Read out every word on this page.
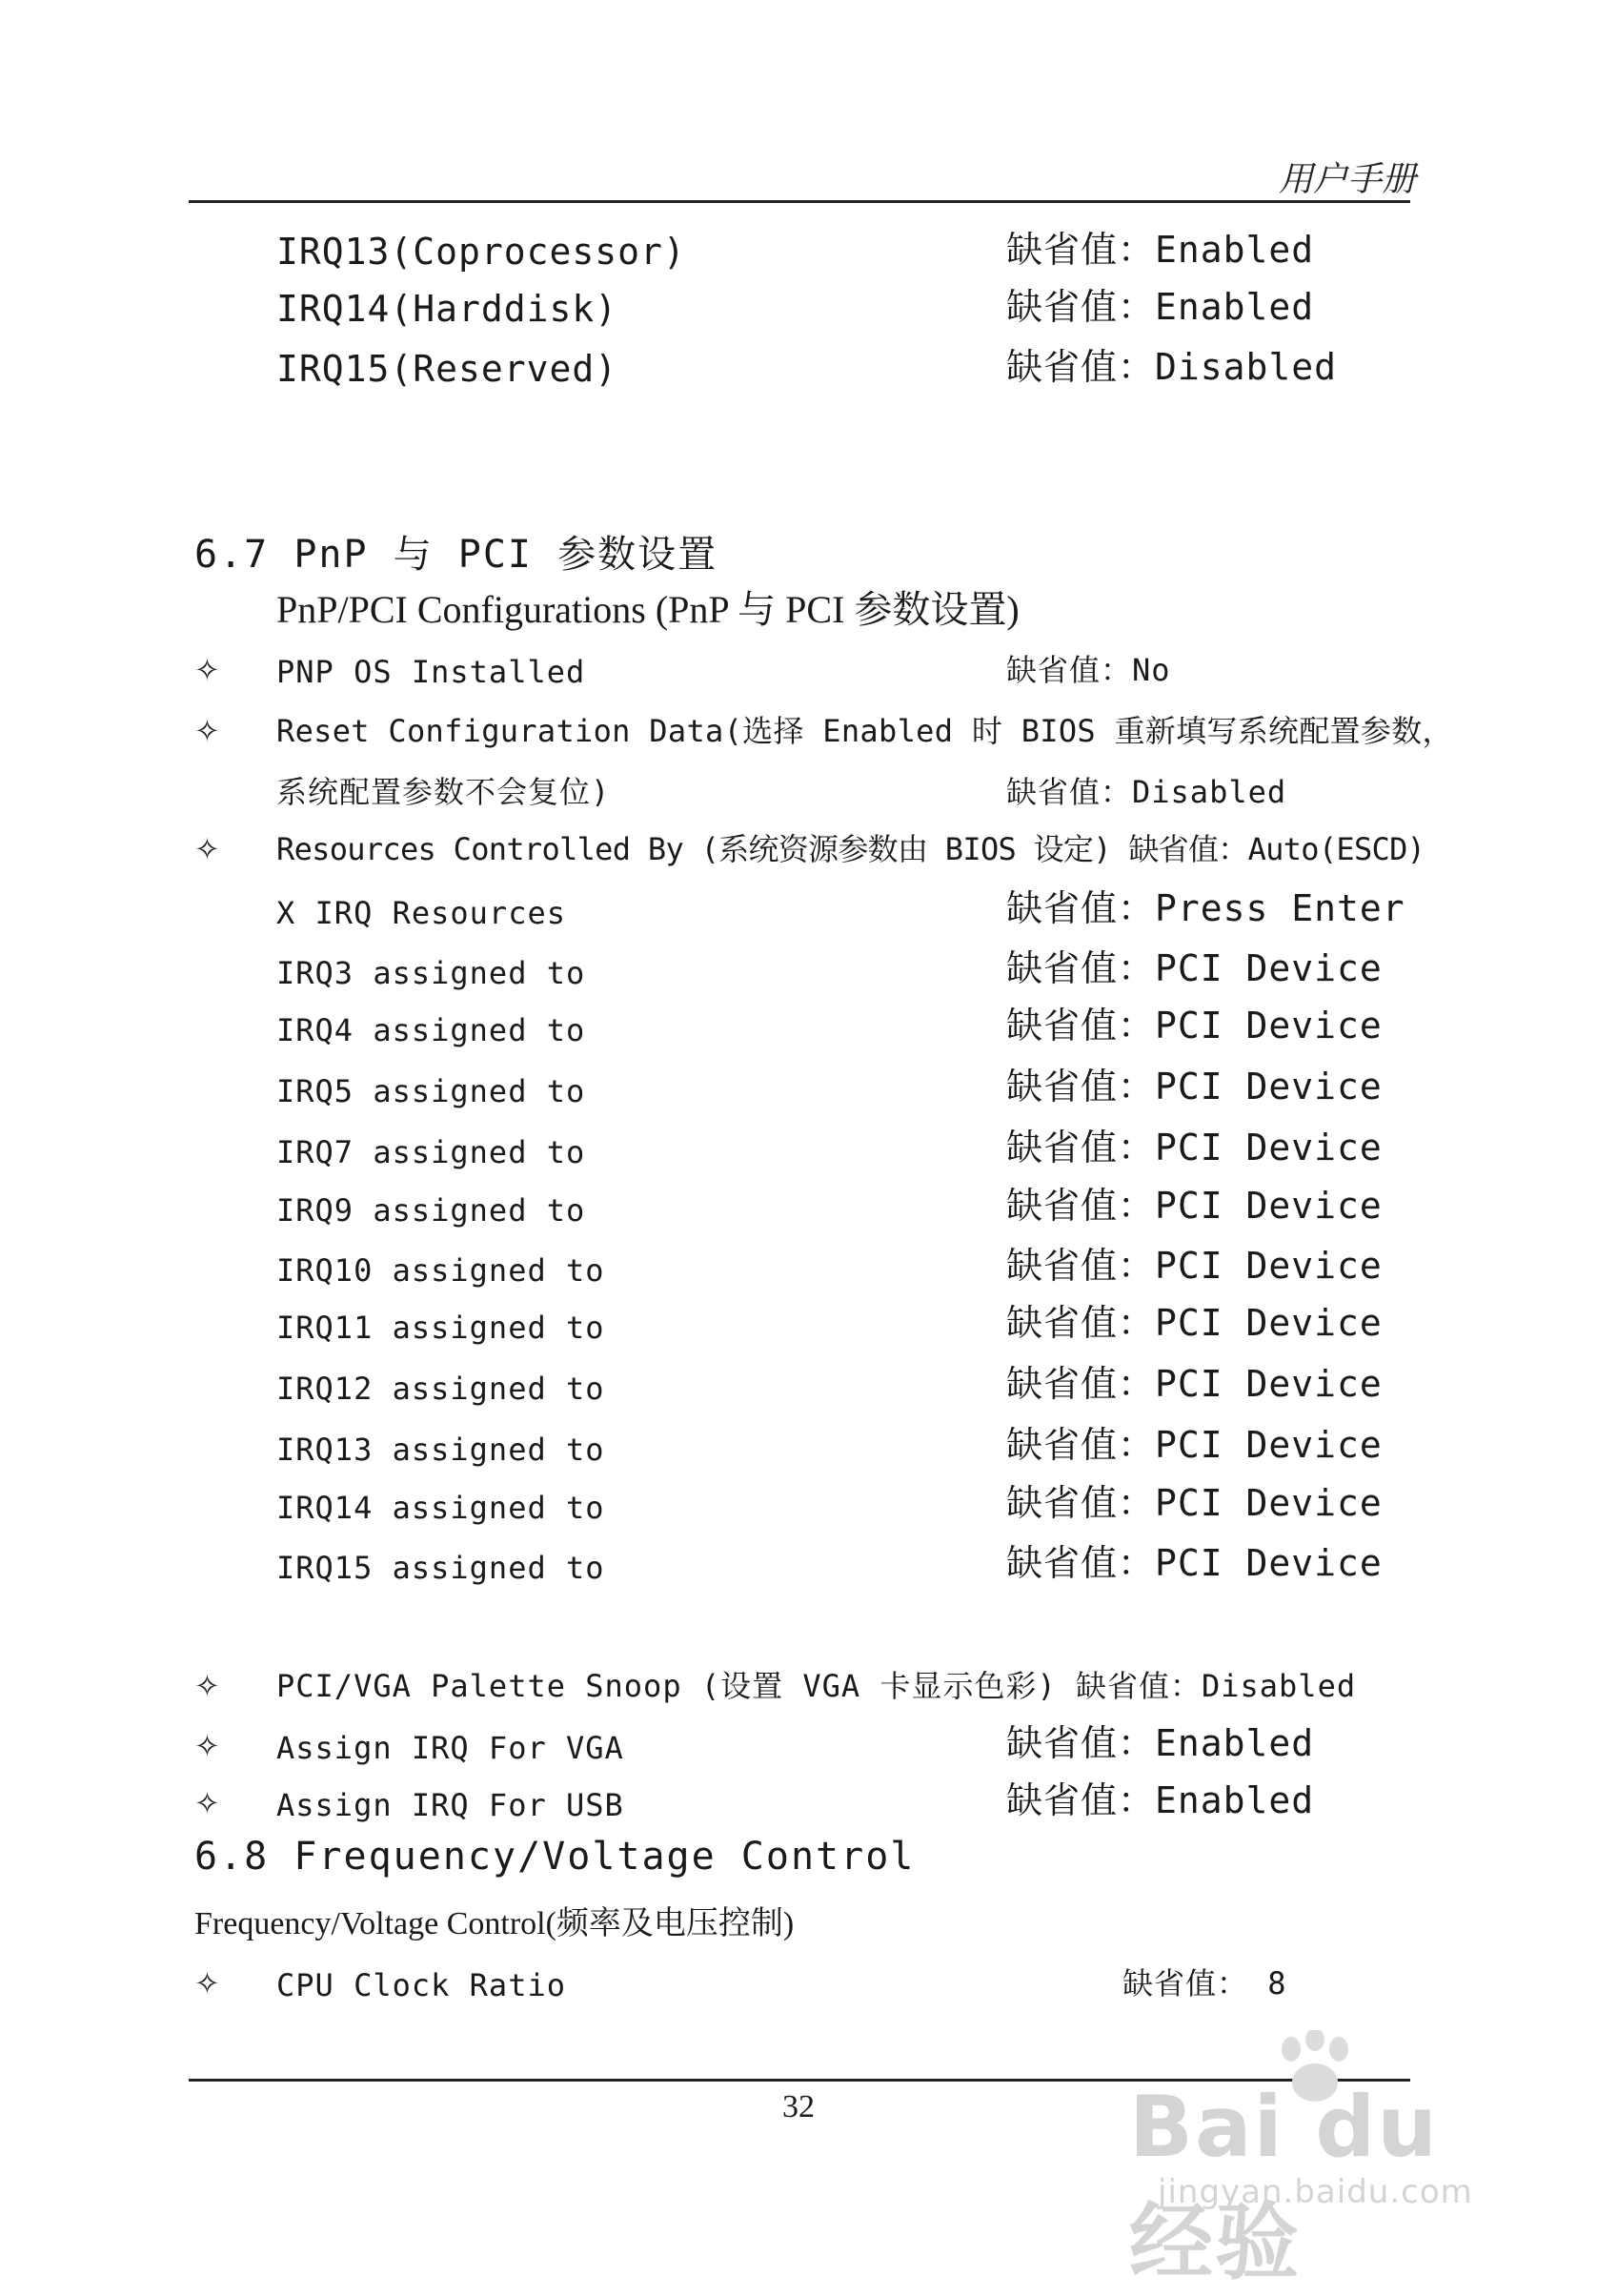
用户手册
IRQ13(Coprocessor)	缺省值：Enabled
IRQ14(Harddisk)	缺省值：Enabled
IRQ15(Reserved)	缺省值：Disabled
6.7 PnP 与 PCI 参数设置
PnP/PCI Configurations (PnP 与 PCI 参数设置)
✧ PNP OS Installed	缺省值：No
✧ Reset Configuration Data(选择 Enabled 时 BIOS 重新填写系统配置参数，
系统配置参数不会复位)	缺省值：Disabled
✧ Resources Controlled By (系统资源参数由 BIOS 设定) 缺省值：Auto(ESCD)
X IRQ Resources	缺省值：Press Enter
IRQ3 assigned to	缺省值：PCI Device
IRQ4 assigned to	缺省值：PCI Device
IRQ5 assigned to	缺省值：PCI Device
IRQ7 assigned to	缺省值：PCI Device
IRQ9 assigned to	缺省值：PCI Device
IRQ10 assigned to	缺省值：PCI Device
IRQ11 assigned to	缺省值：PCI Device
IRQ12 assigned to	缺省值：PCI Device
IRQ13 assigned to	缺省值：PCI Device
IRQ14 assigned to	缺省值：PCI Device
IRQ15 assigned to	缺省值：PCI Device
✧ PCI/VGA Palette Snoop (设置 VGA 卡显示色彩) 缺省值：Disabled
✧ Assign IRQ For VGA	缺省值：Enabled
✧ Assign IRQ For USB	缺省值：Enabled
6.8 Frequency/Voltage Control
Frequency/Voltage Control(频率及电压控制)
✧ CPU Clock Ratio	缺省值： 8
32	Bai du 经验
jingyan.baidu.com
